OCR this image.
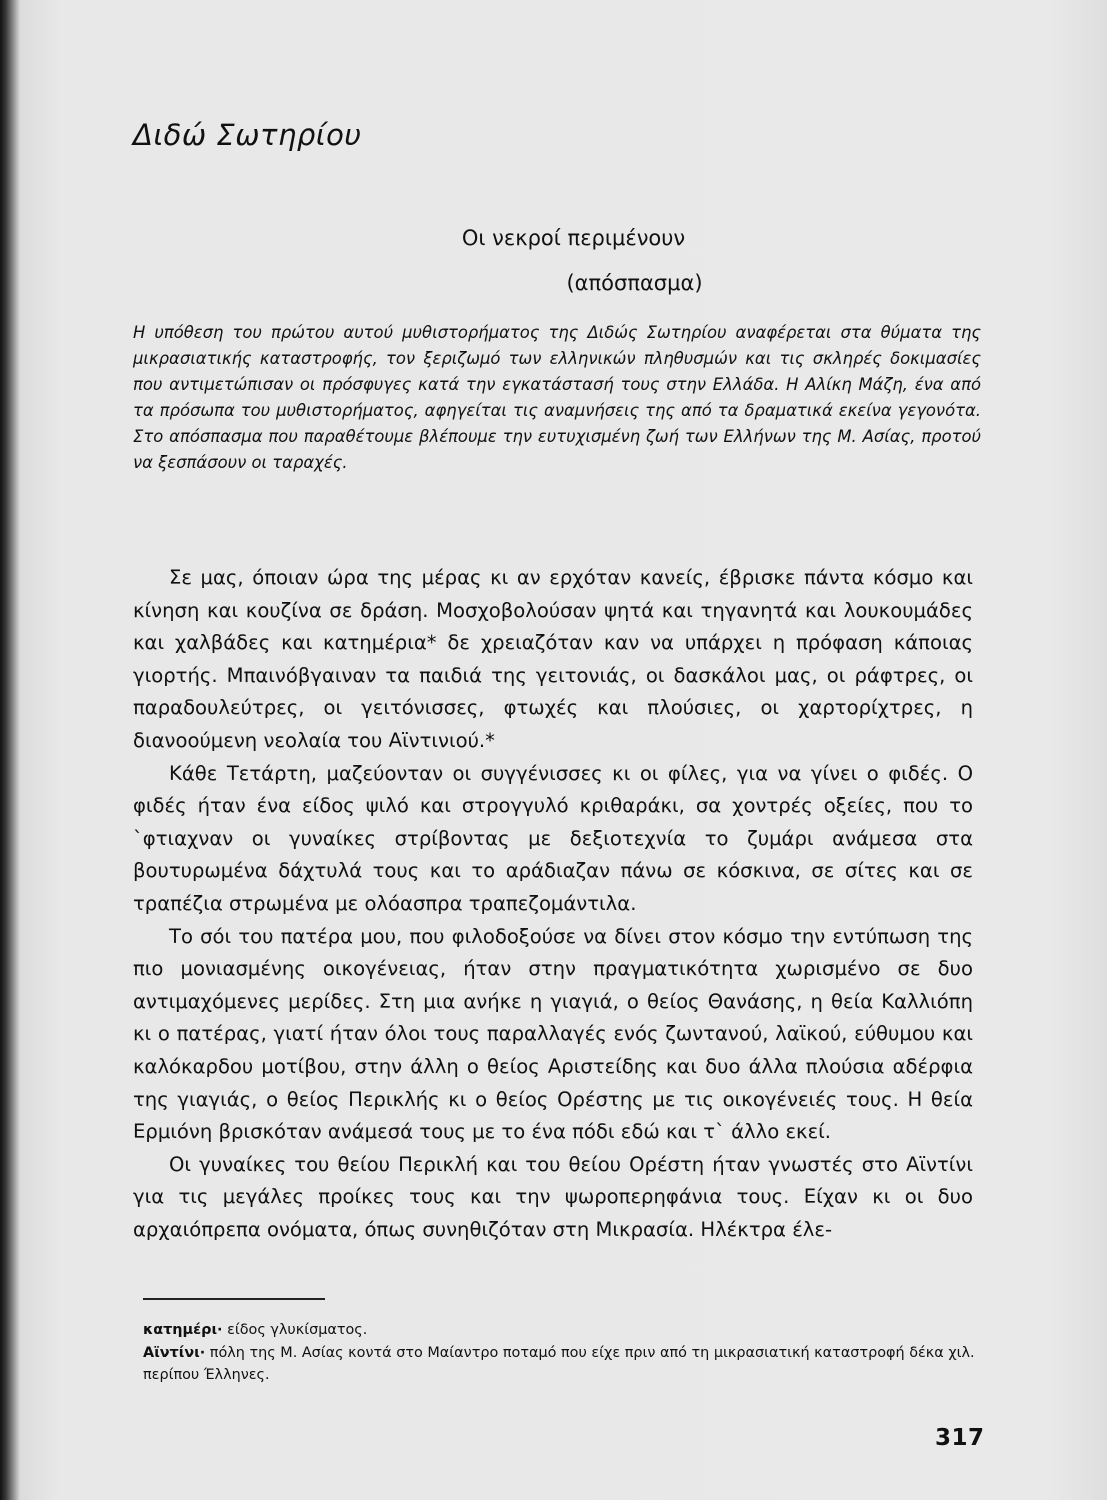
Διδώ Σωτηρίου
Οι νεκροί περιμένουν
(απόσπασμα)
Η υπόθεση του πρώτου αυτού μυθιστορήματος της Διδώς Σωτηρίου αναφέρεται στα θύματα της μικρασιατικής καταστροφής, τον ξεριζωμό των ελληνικών πληθυσμών και τις σκληρές δοκιμασίες που αντιμετώπισαν οι πρόσφυγες κατά την εγκατάστασή τους στην Ελλάδα. Η Αλίκη Μάζη, ένα από τα πρόσωπα του μυθιστορήματος, αφηγείται τις αναμνήσεις της από τα δραματικά εκείνα γεγονότα. Στο απόσπασμα που παραθέτουμε βλέπουμε την ευτυχισμένη ζωή των Ελλήνων της Μ. Ασίας, προτού να ξεσπάσουν οι ταραχές.

Σε μας, όποιαν ώρα της μέρας κι αν ερχόταν κανείς, έβρισκε πάντα κόσμο και κίνηση και κουζίνα σε δράση. Μοσχοβολούσαν ψητά και τηγανητά και λουκουμάδες και χαλβάδες και κατημέρια* δε χρειαζόταν καν να υπάρχει η πρόφαση κάποιας γιορτής. Μπαινόβγαιναν τα παιδιά της γειτονιάς, οι δασκάλοι μας, οι ράφτρες, οι παραδουλεύτρες, οι γειτόνισσες, φτωχές και πλούσιες, οι χαρτορίχτρες, η διανοούμενη νεολαία του Αϊντινιού.*

Κάθε Τετάρτη, μαζεύονταν οι συγγένισσες κι οι φίλες, για να γίνει ο φιδές. Ο φιδές ήταν ένα είδος ψιλό και στρογγυλό κριθαράκι, σα χοντρές οξείες, που το `φτιαχναν οι γυναίκες στρίβοντας με δεξιοτεχνία το ζυμάρι ανάμεσα στα βουτυρωμένα δάχτυλά τους και το αράδιαζαν πάνω σε κόσκινα, σε σίτες και σε τραπέζια στρωμένα με ολόασπρα τραπεζομάντιλα.

Το σόι του πατέρα μου, που φιλοδοξούσε να δίνει στον κόσμο την εντύπωση της πιο μονιασμένης οικογένειας, ήταν στην πραγματικότητα χωρισμένο σε δυο αντιμαχόμενες μερίδες. Στη μια ανήκε η γιαγιά, ο θείος Θανάσης, η θεία Καλλιόπη κι ο πατέρας, γιατί ήταν όλοι τους παραλλαγές ενός ζωντανού, λαϊκού, εύθυμου και καλόκαρδου μοτίβου, στην άλλη ο θείος Αριστείδης και δυο άλλα πλούσια αδέρφια της γιαγιάς, ο θείος Περικλής κι ο θείος Ορέστης με τις οικογένειές τους. Η θεία Ερμιόνη βρισκόταν ανάμεσά τους με το ένα πόδι εδώ και τ` άλλο εκεί.

Οι γυναίκες του θείου Περικλή και του θείου Ορέστη ήταν γνωστές στο Αϊντίνι για τις μεγάλες προίκες τους και την ψωροπερηφάνια τους. Είχαν κι οι δυο αρχαιόπρεπα ονόματα, όπως συνηθιζόταν στη Μικρασία. Ηλέκτρα έλε-

κατημέρι· είδος γλυκίσματος.
Αϊντίνι· πόλη της Μ. Ασίας κοντά στο Μαίαντρο ποταμό που είχε πριν από τη μικρασιατική καταστροφή δέκα χιλ. περίπου Έλληνες.
317
